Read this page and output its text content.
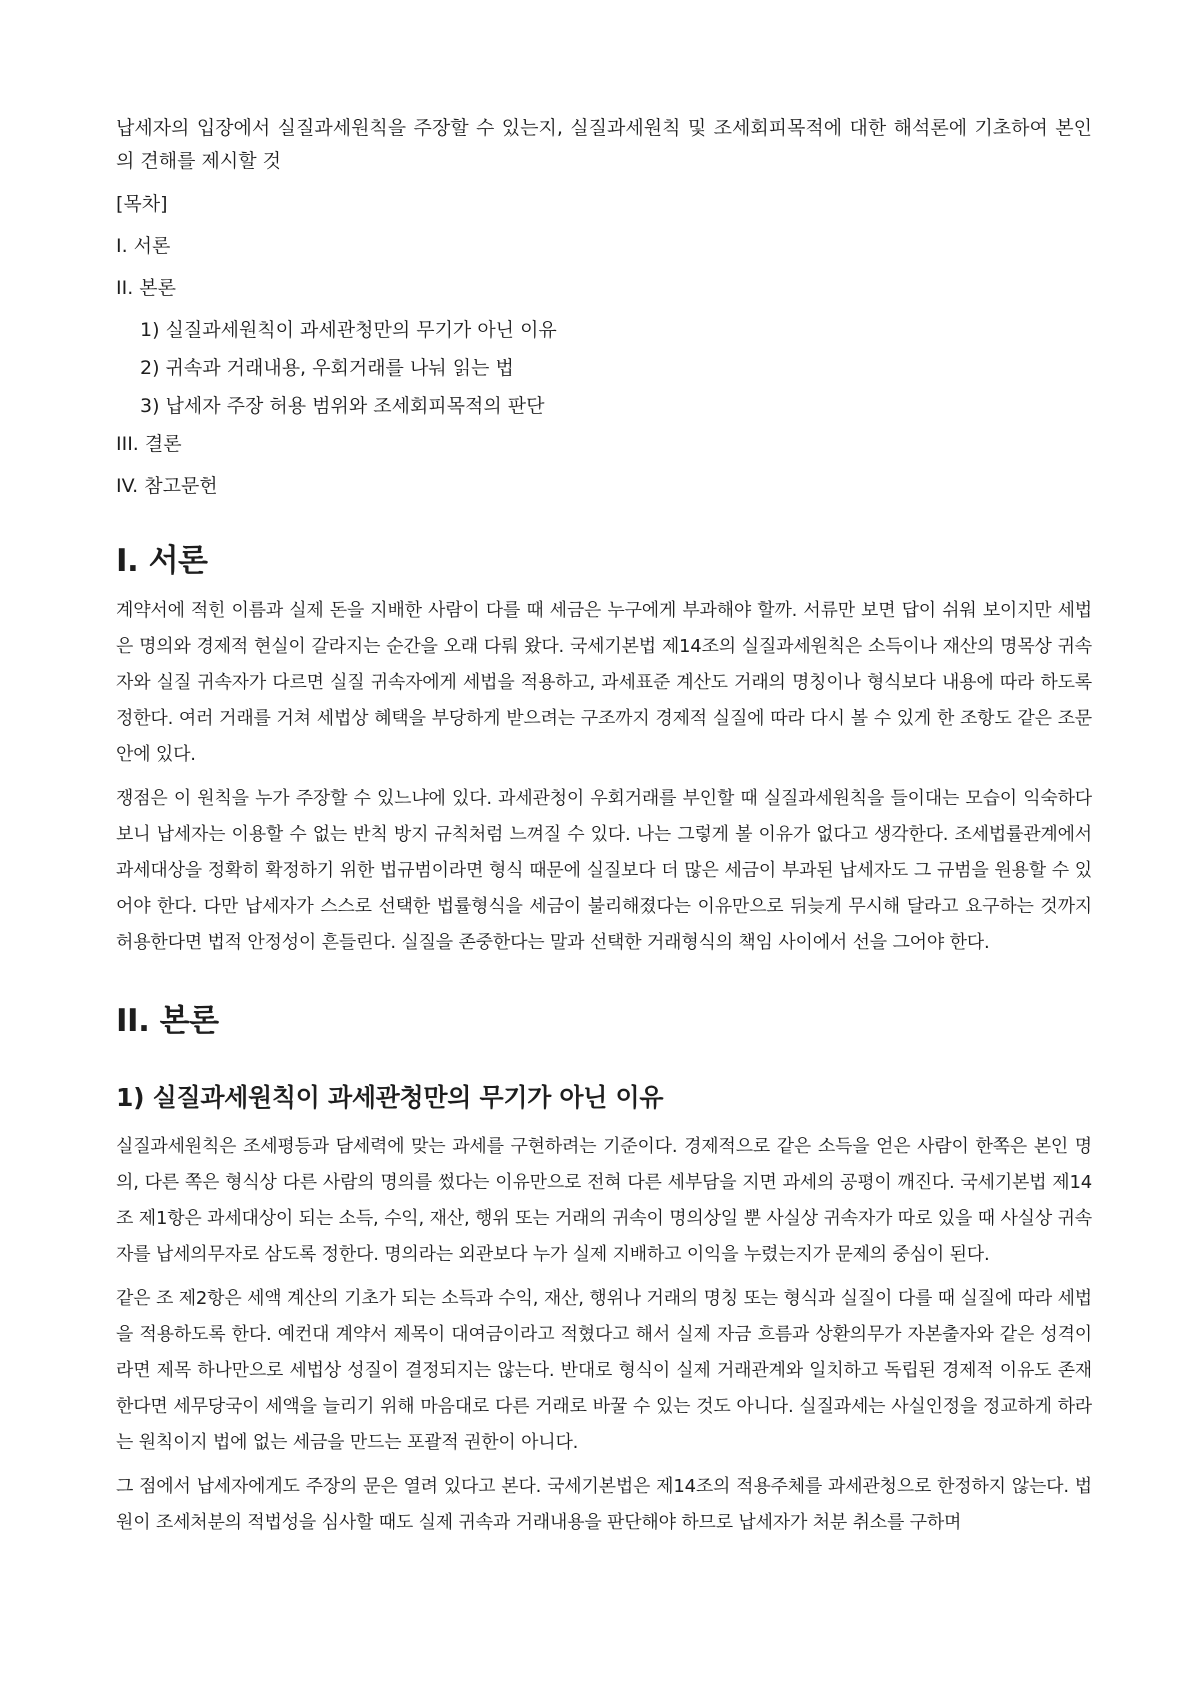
납세자의 입장에서 실질과세원칙을 주장할 수 있는지, 실질과세원칙 및 조세회피목적에 대한 해석론에 기초하여 본인의 견해를 제시할 것

[목차]

I. 서론

II. 본론

1) 실질과세원칙이 과세관청만의 무기가 아닌 이유

2) 귀속과 거래내용, 우회거래를 나눠 읽는 법

3) 납세자 주장 허용 범위와 조세회피목적의 판단

III. 결론

IV. 참고문헌

I. 서론

계약서에 적힌 이름과 실제 돈을 지배한 사람이 다를 때 세금은 누구에게 부과해야 할까. 서류만 보면 답이 쉬워 보이지만 세법은 명의와 경제적 현실이 갈라지는 순간을 오래 다뤄 왔다. 국세기본법 제14조의 실질과세원칙은 소득이나 재산의 명목상 귀속자와 실질 귀속자가 다르면 실질 귀속자에게 세법을 적용하고, 과세표준 계산도 거래의 명칭이나 형식보다 내용에 따라 하도록 정한다. 여러 거래를 거쳐 세법상 혜택을 부당하게 받으려는 구조까지 경제적 실질에 따라 다시 볼 수 있게 한 조항도 같은 조문 안에 있다.

쟁점은 이 원칙을 누가 주장할 수 있느냐에 있다. 과세관청이 우회거래를 부인할 때 실질과세원칙을 들이대는 모습이 익숙하다 보니 납세자는 이용할 수 없는 반칙 방지 규칙처럼 느껴질 수 있다. 나는 그렇게 볼 이유가 없다고 생각한다. 조세법률관계에서 과세대상을 정확히 확정하기 위한 법규범이라면 형식 때문에 실질보다 더 많은 세금이 부과된 납세자도 그 규범을 원용할 수 있어야 한다. 다만 납세자가 스스로 선택한 법률형식을 세금이 불리해졌다는 이유만으로 뒤늦게 무시해 달라고 요구하는 것까지 허용한다면 법적 안정성이 흔들린다. 실질을 존중한다는 말과 선택한 거래형식의 책임 사이에서 선을 그어야 한다.

II. 본론
1) 실질과세원칙이 과세관청만의 무기가 아닌 이유

실질과세원칙은 조세평등과 담세력에 맞는 과세를 구현하려는 기준이다. 경제적으로 같은 소득을 얻은 사람이 한쪽은 본인 명의, 다른 쪽은 형식상 다른 사람의 명의를 썼다는 이유만으로 전혀 다른 세부담을 지면 과세의 공평이 깨진다. 국세기본법 제14조 제1항은 과세대상이 되는 소득, 수익, 재산, 행위 또는 거래의 귀속이 명의상일 뿐 사실상 귀속자가 따로 있을 때 사실상 귀속자를 납세의무자로 삼도록 정한다. 명의라는 외관보다 누가 실제 지배하고 이익을 누렸는지가 문제의 중심이 된다.

같은 조 제2항은 세액 계산의 기초가 되는 소득과 수익, 재산, 행위나 거래의 명칭 또는 형식과 실질이 다를 때 실질에 따라 세법을 적용하도록 한다. 예컨대 계약서 제목이 대여금이라고 적혔다고 해서 실제 자금 흐름과 상환의무가 자본출자와 같은 성격이라면 제목 하나만으로 세법상 성질이 결정되지는 않는다. 반대로 형식이 실제 거래관계와 일치하고 독립된 경제적 이유도 존재한다면 세무당국이 세액을 늘리기 위해 마음대로 다른 거래로 바꿀 수 있는 것도 아니다. 실질과세는 사실인정을 정교하게 하라는 원칙이지 법에 없는 세금을 만드는 포괄적 권한이 아니다.

그 점에서 납세자에게도 주장의 문은 열려 있다고 본다. 국세기본법은 제14조의 적용주체를 과세관청으로 한정하지 않는다. 법원이 조세처분의 적법성을 심사할 때도 실제 귀속과 거래내용을 판단해야 하므로 납세자가 처분 취소를 구하며
